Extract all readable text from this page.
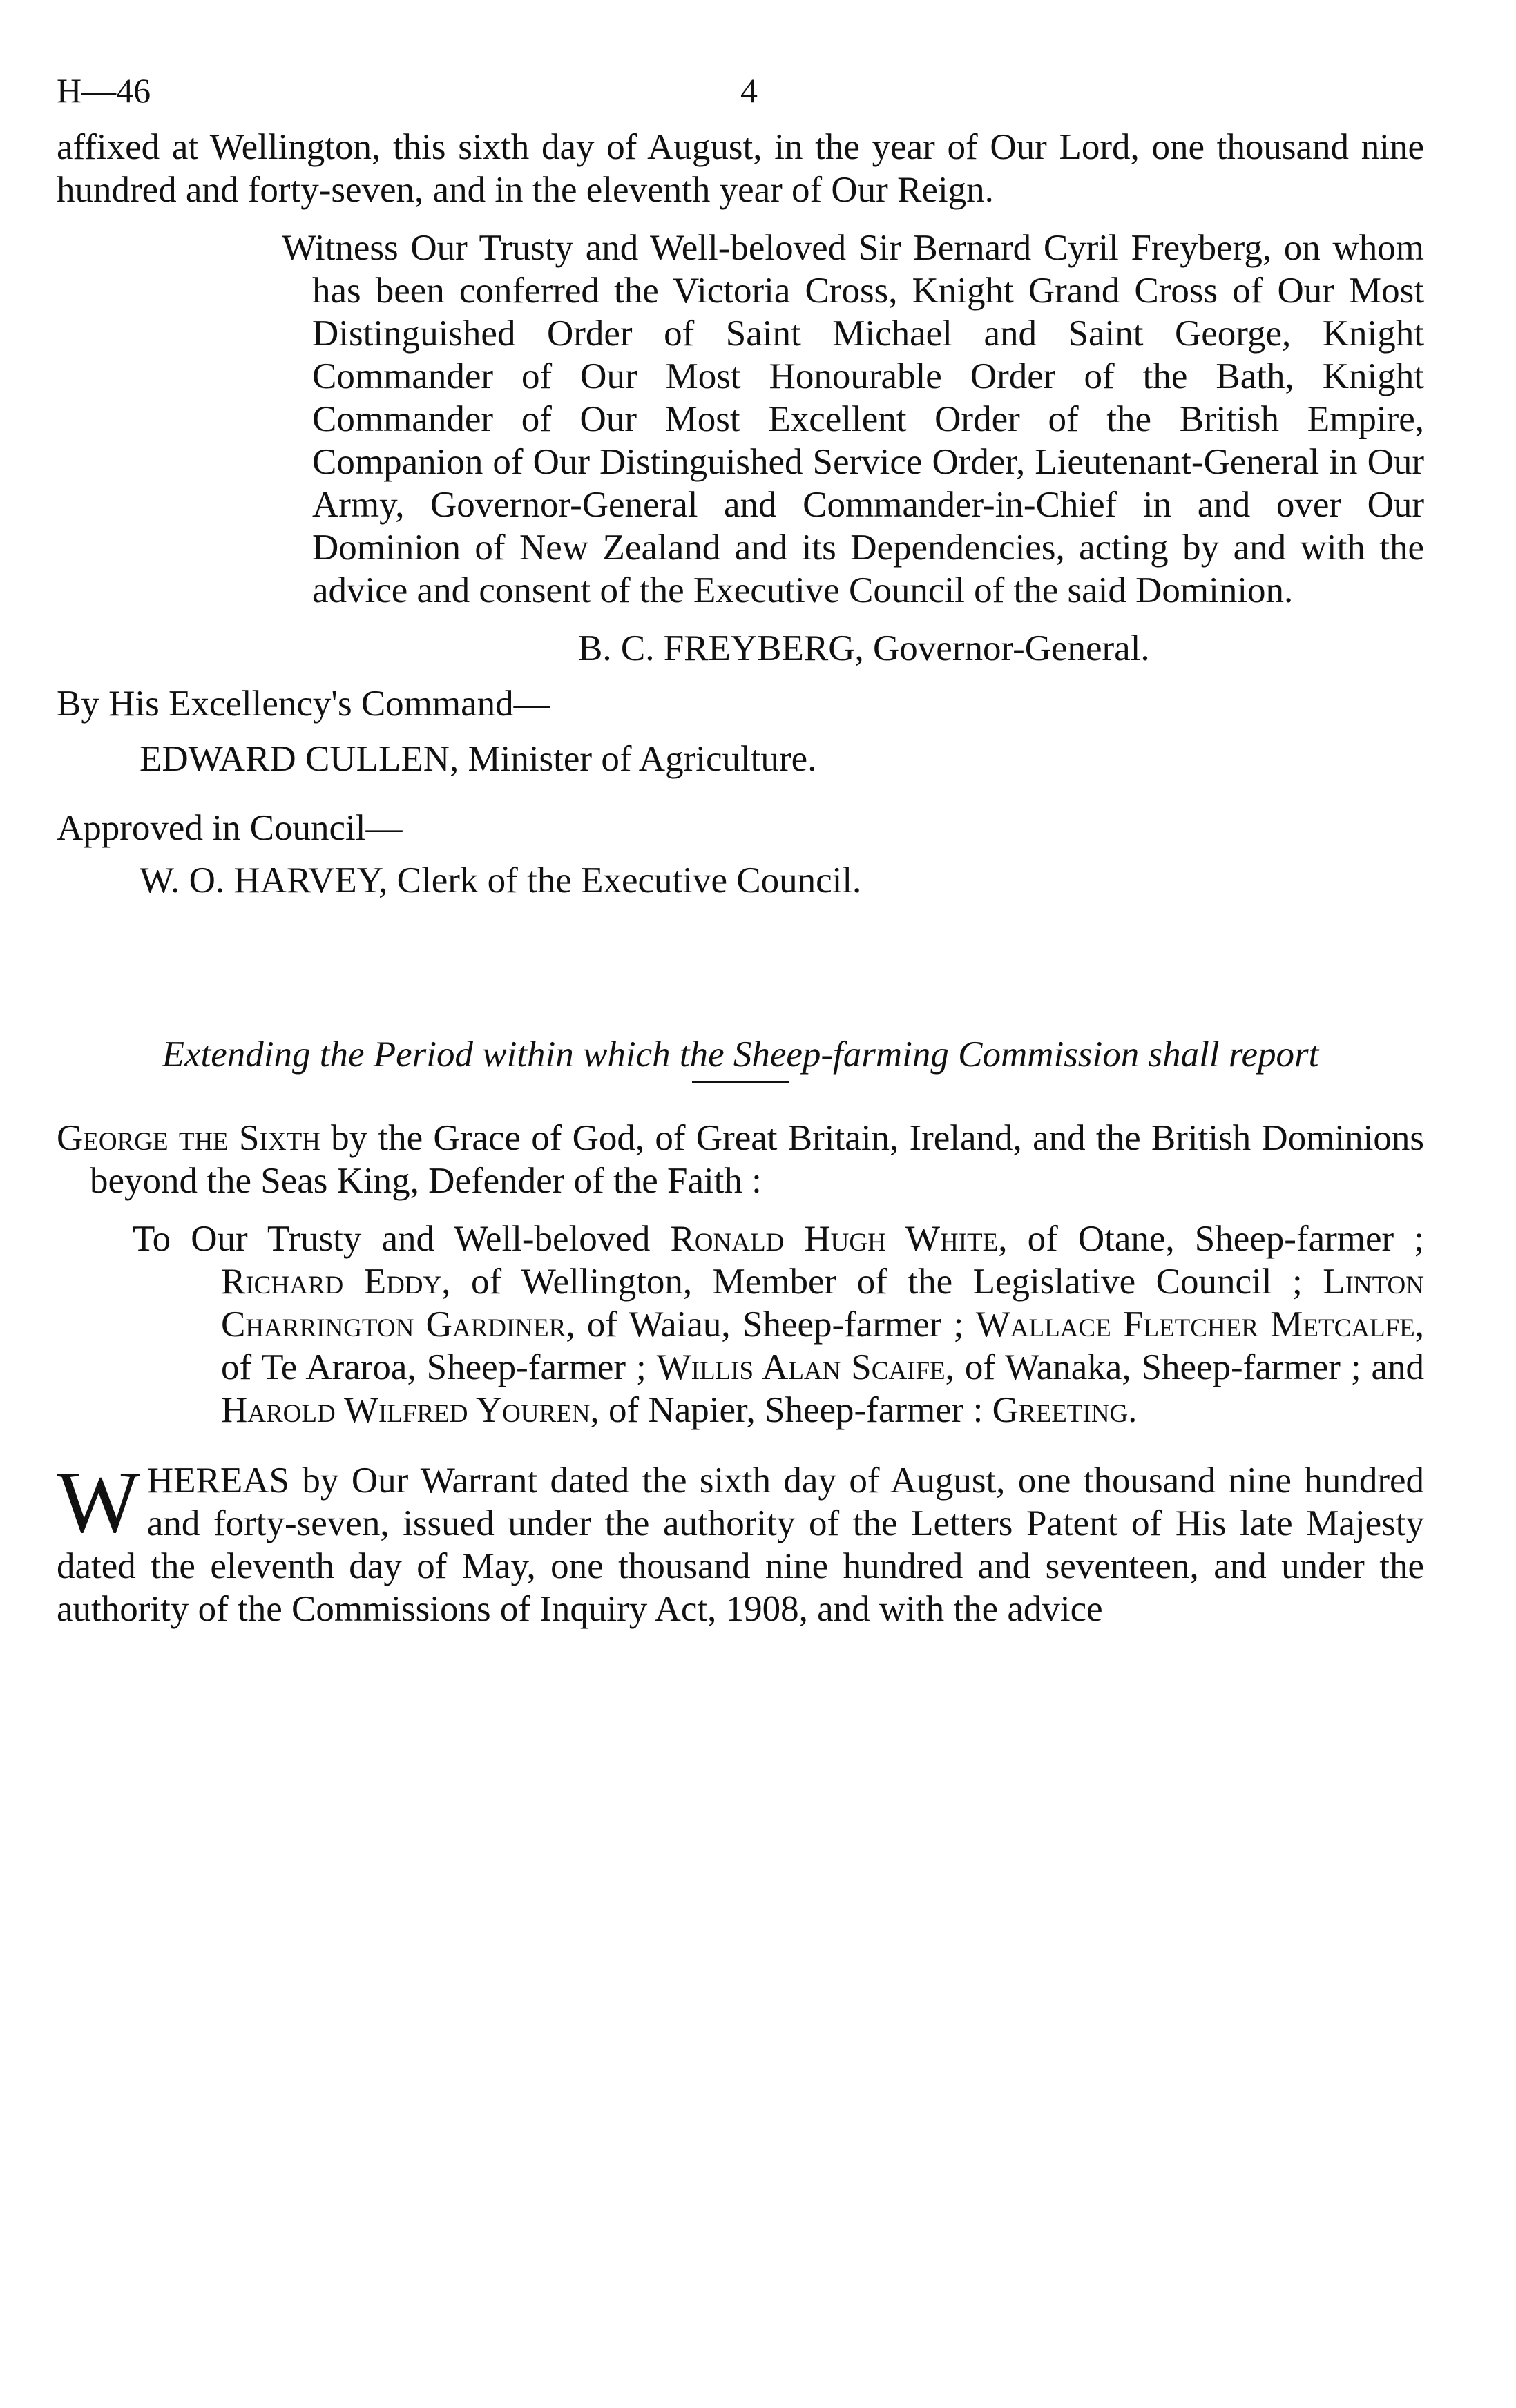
H—46	4

affixed at Wellington, this sixth day of August, in the year of Our Lord, one thousand nine hundred and forty-seven, and in the eleventh year of Our Reign.

Witness Our Trusty and Well-beloved Sir Bernard Cyril Freyberg, on whom has been conferred the Victoria Cross, Knight Grand Cross of Our Most Distinguished Order of Saint Michael and Saint George, Knight Commander of Our Most Honourable Order of the Bath, Knight Commander of Our Most Excellent Order of the British Empire, Companion of Our Distinguished Service Order, Lieutenant-General in Our Army, Governor-General and Commander-in-Chief in and over Our Dominion of New Zealand and its Dependencies, acting by and with the advice and consent of the Executive Council of the said Dominion.

B. C. FREYBERG, Governor-General.

By His Excellency's Command—

EDWARD CULLEN, Minister of Agriculture.

Approved in Council—

W. O. HARVEY, Clerk of the Executive Council.

Extending the Period within which the Sheep-farming Commission shall report

George the Sixth by the Grace of God, of Great Britain, Ireland, and the British Dominions beyond the Seas King, Defender of the Faith :

To Our Trusty and Well-beloved Ronald Hugh White, of Otane, Sheep-farmer ; Richard Eddy, of Wellington, Member of the Legislative Council ; Linton Charrington Gardiner, of Waiau, Sheep-farmer ; Wallace Fletcher Metcalfe, of Te Araroa, Sheep-farmer ; Willis Alan Scaife, of Wanaka, Sheep-farmer ; and Harold Wilfred Youren, of Napier, Sheep-farmer : Greeting.

WHEREAS by Our Warrant dated the sixth day of August, one thousand nine hundred and forty-seven, issued under the authority of the Letters Patent of His late Majesty dated the eleventh day of May, one thousand nine hundred and seventeen, and under the authority of the Commissions of Inquiry Act, 1908, and with the advice
